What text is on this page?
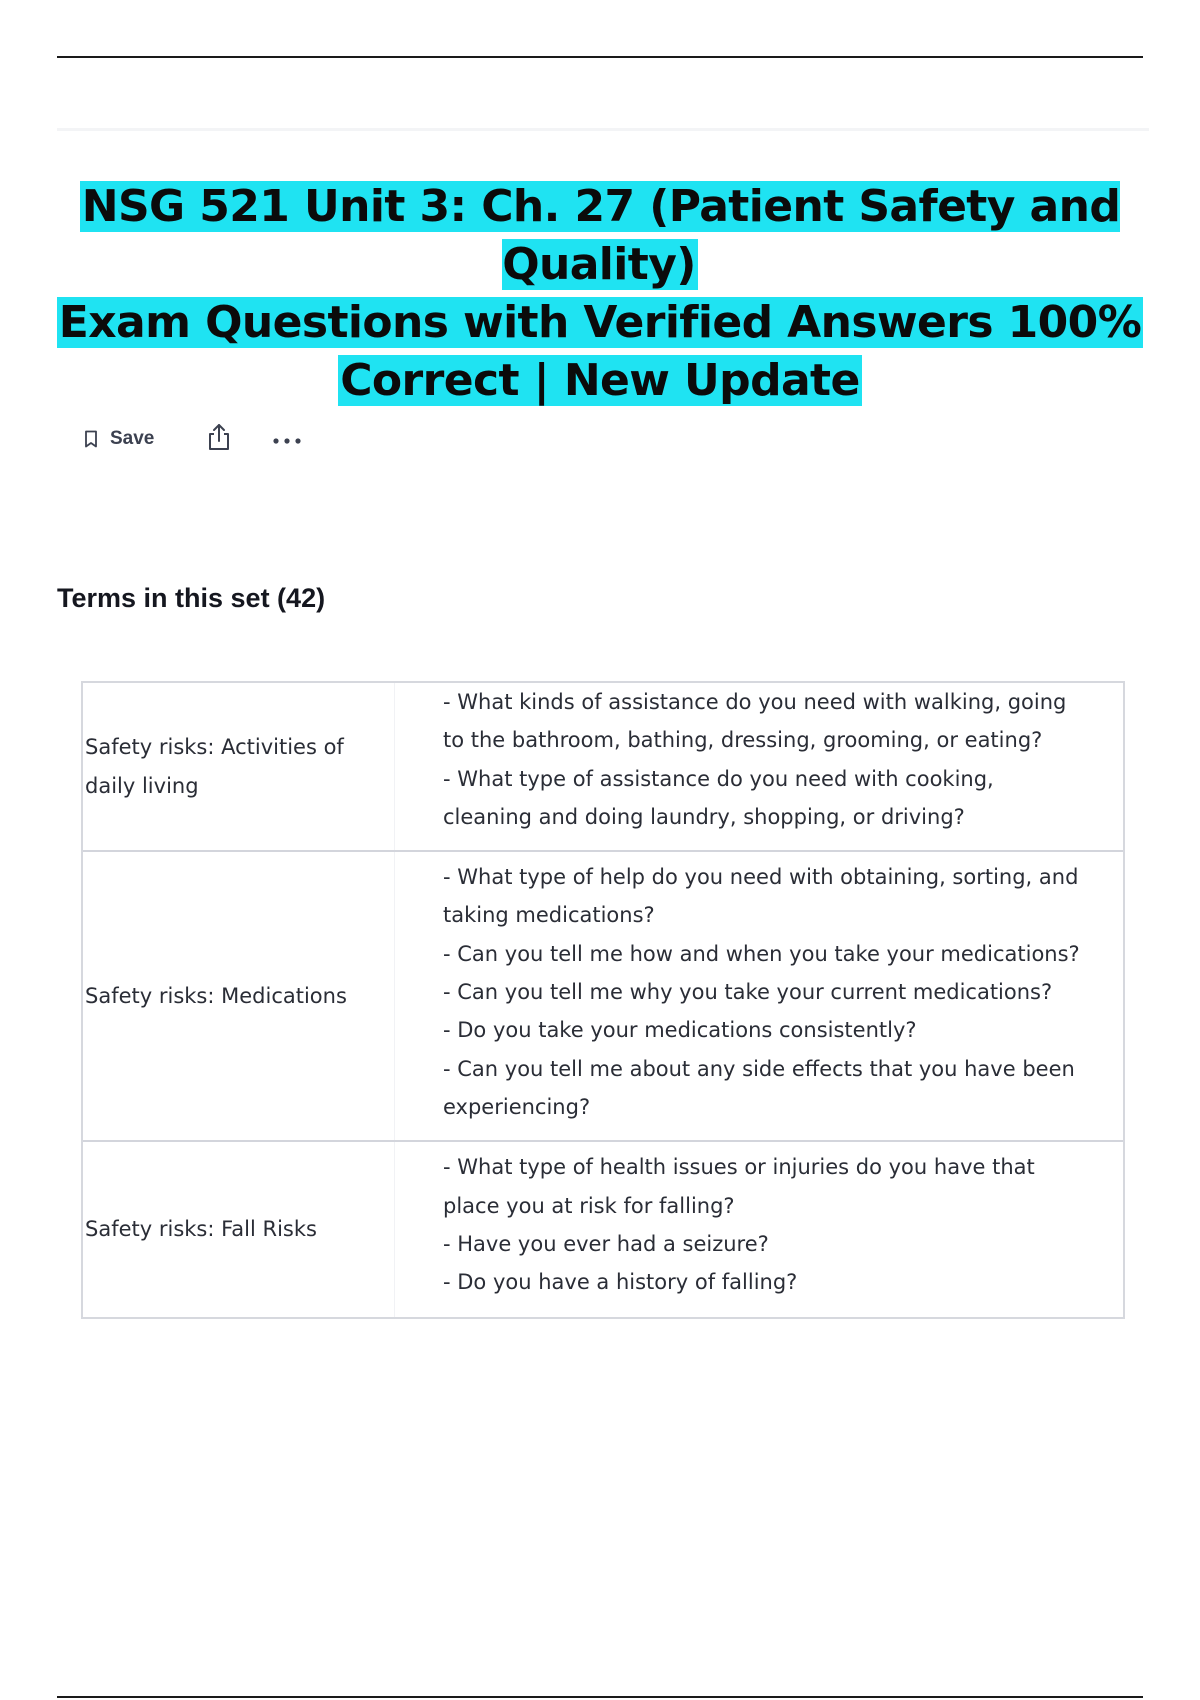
NSG 521 Unit 3: Ch. 27 (Patient Safety and Quality)
Exam Questions with Verified Answers 100%
Correct | New Update
Save
Terms in this set (42)
Safety risks: Activities of daily living
- What kinds of assistance do you need with walking, going to the bathroom, bathing, dressing, grooming, or eating?
- What type of assistance do you need with cooking, cleaning and doing laundry, shopping, or driving?
Safety risks: Medications
- What type of help do you need with obtaining, sorting, and taking medications?
- Can you tell me how and when you take your medications?
- Can you tell me why you take your current medications?
- Do you take your medications consistently?
- Can you tell me about any side effects that you have been experiencing?
Safety risks: Fall Risks
- What type of health issues or injuries do you have that place you at risk for falling?
- Have you ever had a seizure?
- Do you have a history of falling?
